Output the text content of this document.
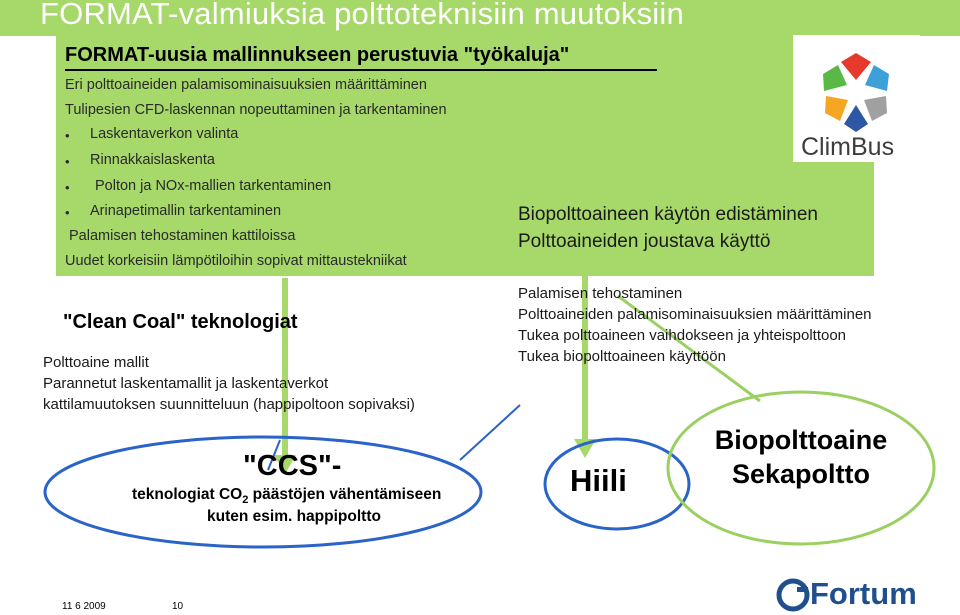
FORMAT-valmiuksia polttoteknisiin muutoksiin
FORMAT-uusia mallinnukseen perustuvia "työkaluja"
Eri polttoaineiden palamisominaisuuksien määrittäminen
Tulipesien CFD-laskennan nopeuttaminen ja tarkentaminen
• Laskentaverkon valinta
• Rinnakkaislaskenta
• Polton ja NOx-mallien tarkentaminen
• Arinapetimallin tarkentaminen
Palamisen tehostaminen kattiloissa
Uudet korkeisiin lämpötiloihin sopivat mittaustekniikat
Biopolttoaineen käytön edistäminen
Polttoaineiden joustava käyttö
ClimBus
Palamisen tehostaminen
Polttoaineiden palamisominaisuuksien määrittäminen
Tukea polttoaineen vaihdokseen ja yhteispolttoon
Tukea biopolttoaineen käyttöön
"Clean Coal" teknologiat
Polttoaine mallit
Parannetut laskentamallit ja laskentaverkot
kattilamuutoksen suunnitteluun (happipoltoon sopivaksi)
"CCS"-
teknologiat $CO_2$ päästöjen vähentämiseen
kuten esim. happipoltto
Hiili
Biopolttoaine
Sekapoltto
Fortum
11 6 2009	10
